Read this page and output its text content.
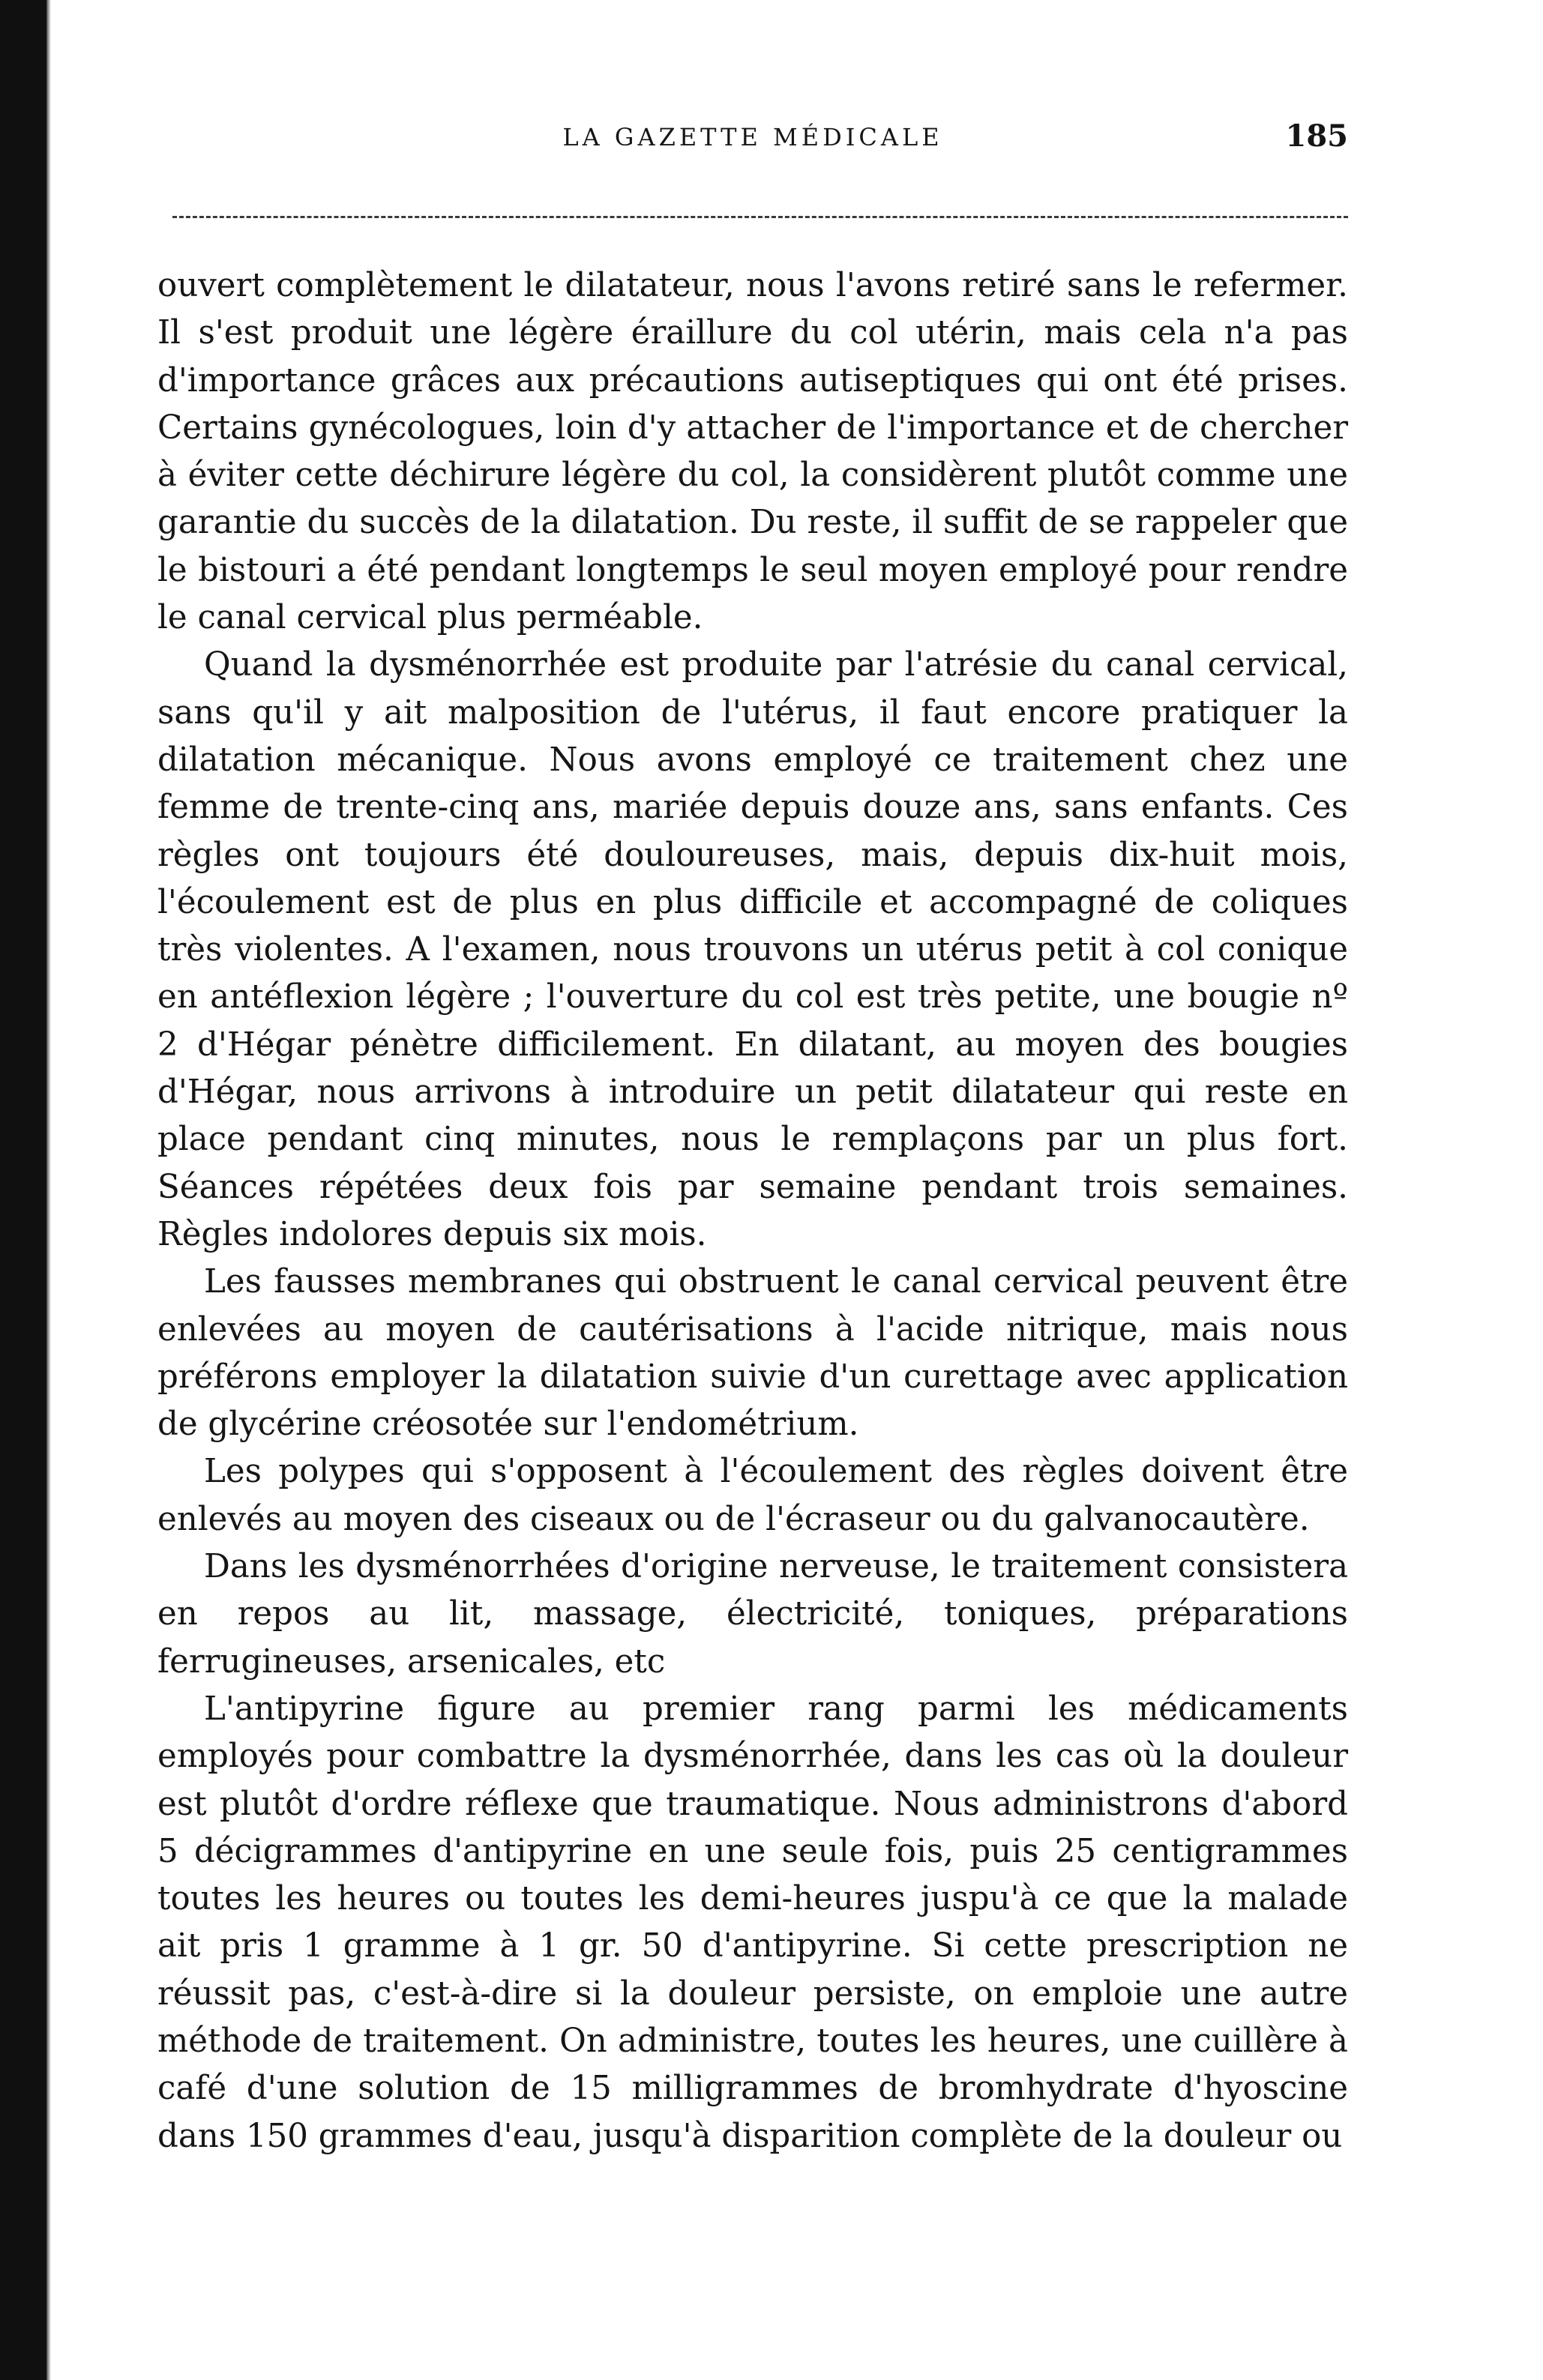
LA GAZETTE MÉDICALE	185

ouvert complètement le dilatateur, nous l'avons retiré sans le refermer. Il s'est produit une légère éraillure du col utérin, mais cela n'a pas d'importance grâces aux précautions autiseptiques qui ont été prises. Certains gynécologues, loin d'y attacher de l'importance et de chercher à éviter cette déchirure légère du col, la considèrent plutôt comme une garantie du succès de la dilatation. Du reste, il suffit de se rappeler que le bistouri a été pendant longtemps le seul moyen employé pour rendre le canal cervical plus perméable.

Quand la dysménorrhée est produite par l'atrésie du canal cervical, sans qu'il y ait malposition de l'utérus, il faut encore pratiquer la dilatation mécanique. Nous avons employé ce traitement chez une femme de trente-cinq ans, mariée depuis douze ans, sans enfants. Ces règles ont toujours été douloureuses, mais, depuis dix-huit mois, l'écoulement est de plus en plus difficile et accompagné de coliques très violentes. A l'examen, nous trouvons un utérus petit à col conique en antéflexion légère ; l'ouverture du col est très petite, une bougie nº 2 d'Hégar pénètre difficilement. En dilatant, au moyen des bougies d'Hégar, nous arrivons à introduire un petit dilatateur qui reste en place pendant cinq minutes, nous le remplaçons par un plus fort. Séances répétées deux fois par semaine pendant trois semaines. Règles indolores depuis six mois.

Les fausses membranes qui obstruent le canal cervical peuvent être enlevées au moyen de cautérisations à l'acide nitrique, mais nous préférons employer la dilatation suivie d'un curettage avec application de glycérine créosotée sur l'endométrium.

Les polypes qui s'opposent à l'écoulement des règles doivent être enlevés au moyen des ciseaux ou de l'écraseur ou du galvanocautère.

Dans les dysménorrhées d'origine nerveuse, le traitement consistera en repos au lit, massage, électricité, toniques, préparations ferrugineuses, arsenicales, etc

L'antipyrine figure au premier rang parmi les médicaments employés pour combattre la dysménorrhée, dans les cas où la douleur est plutôt d'ordre réflexe que traumatique. Nous administrons d'abord 5 décigrammes d'antipyrine en une seule fois, puis 25 centigrammes toutes les heures ou toutes les demi-heures juspu'à ce que la malade ait pris 1 gramme à 1 gr. 50 d'antipyrine. Si cette prescription ne réussit pas, c'est-à-dire si la douleur persiste, on emploie une autre méthode de traitement. On administre, toutes les heures, une cuillère à café d'une solution de 15 milligrammes de bromhydrate d'hyoscine dans 150 grammes d'eau, jusqu'à disparition complète de la douleur ou
